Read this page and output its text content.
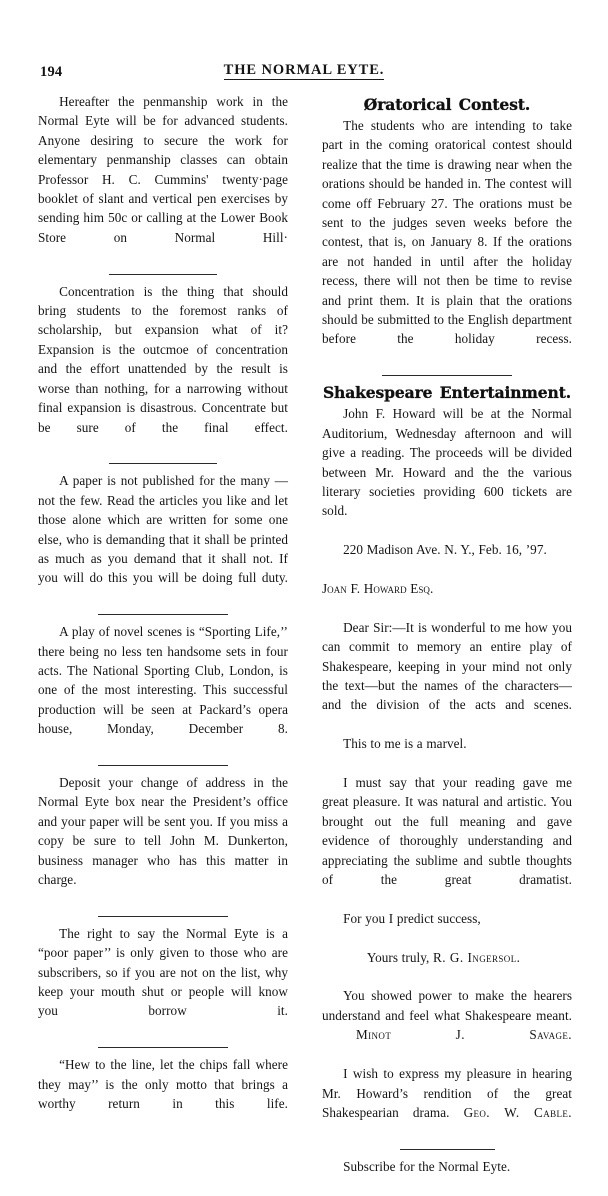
194	THE NORMAL EYTE.

Hereafter the penmanship work in the Normal Eyte will be for advanced students. Anyone desiring to secure the work for elementary penmanship classes can obtain Professor H. C. Cummins' twenty·page booklet of slant and vertical pen exercises by sending him 50c or calling at the Lower Book Store on Normal Hill·

Concentration is the thing that should bring students to the foremost ranks of scholarship, but expansion what of it? Expansion is the outcmoe of concentration and the effort unattended by the result is worse than nothing, for a narrowing without final expansion is disastrous. Concentrate but be sure of the final effect.

A paper is not published for the many —not the few. Read the articles you like and let those alone which are written for some one else, who is demanding that it shall be printed as much as you demand that it shall not. If you will do this you will be doing full duty.

A play of novel scenes is “Sporting Life,’’ there being no less ten handsome sets in four acts. The National Sporting Club, London, is one of the most interesting. This successful production will be seen at Packard’s opera house, Monday, December 8.

Deposit your change of address in the Normal Eyte box near the President’s office and your paper will be sent you. If you miss a copy be sure to tell John M. Dunkerton, business manager who has this matter in charge.

The right to say the Normal Eyte is a “poor paper’’ is only given to those who are subscribers, so if you are not on the list, why keep your mouth shut or people will know you borrow it.

“Hew to the line, let the chips fall where they may’’ is the only motto that brings a worthy return in this life.

Øratorical Contest.

The students who are intending to take part in the coming oratorical contest should realize that the time is drawing near when the orations should be handed in. The contest will come off February 27. The orations must be sent to the judges seven weeks before the contest, that is, on January 8. If the orations are not handed in until after the holiday recess, there will not then be time to revise and print them. It is plain that the orations should be submitted to the English department before the holiday recess.

Shakespeare Entertainment.

John F. Howard will be at the Normal Auditorium, Wednesday afternoon and will give a reading. The proceeds will be divided between Mr. Howard and the the various literary societies providing 600 tickets are sold.

220 Madison Ave. N. Y., Feb. 16, ’97.

Joan F. Howard Esq.

Dear Sir:—It is wonderful to me how you can commit to memory an entire play of Shakespeare, keeping in your mind not only the text—but the names of the characters—and the division of the acts and scenes.

This to me is a marvel.

I must say that your reading gave me great pleasure. It was natural and artistic. You brought out the full meaning and gave evidence of thoroughly understanding and appreciating the sublime and subtle thoughts of the great dramatist.

For you I predict success,

Yours truly, R. G. Ingersol.

You showed power to make the hearers understand and feel what Shakespeare meant.Minot J. Savage.

I wish to express my pleasure in hearing Mr. Howard’s rendition of the great Shakespearian drama. Geo. W. Cable.

Subscribe for the Normal Eyte.
